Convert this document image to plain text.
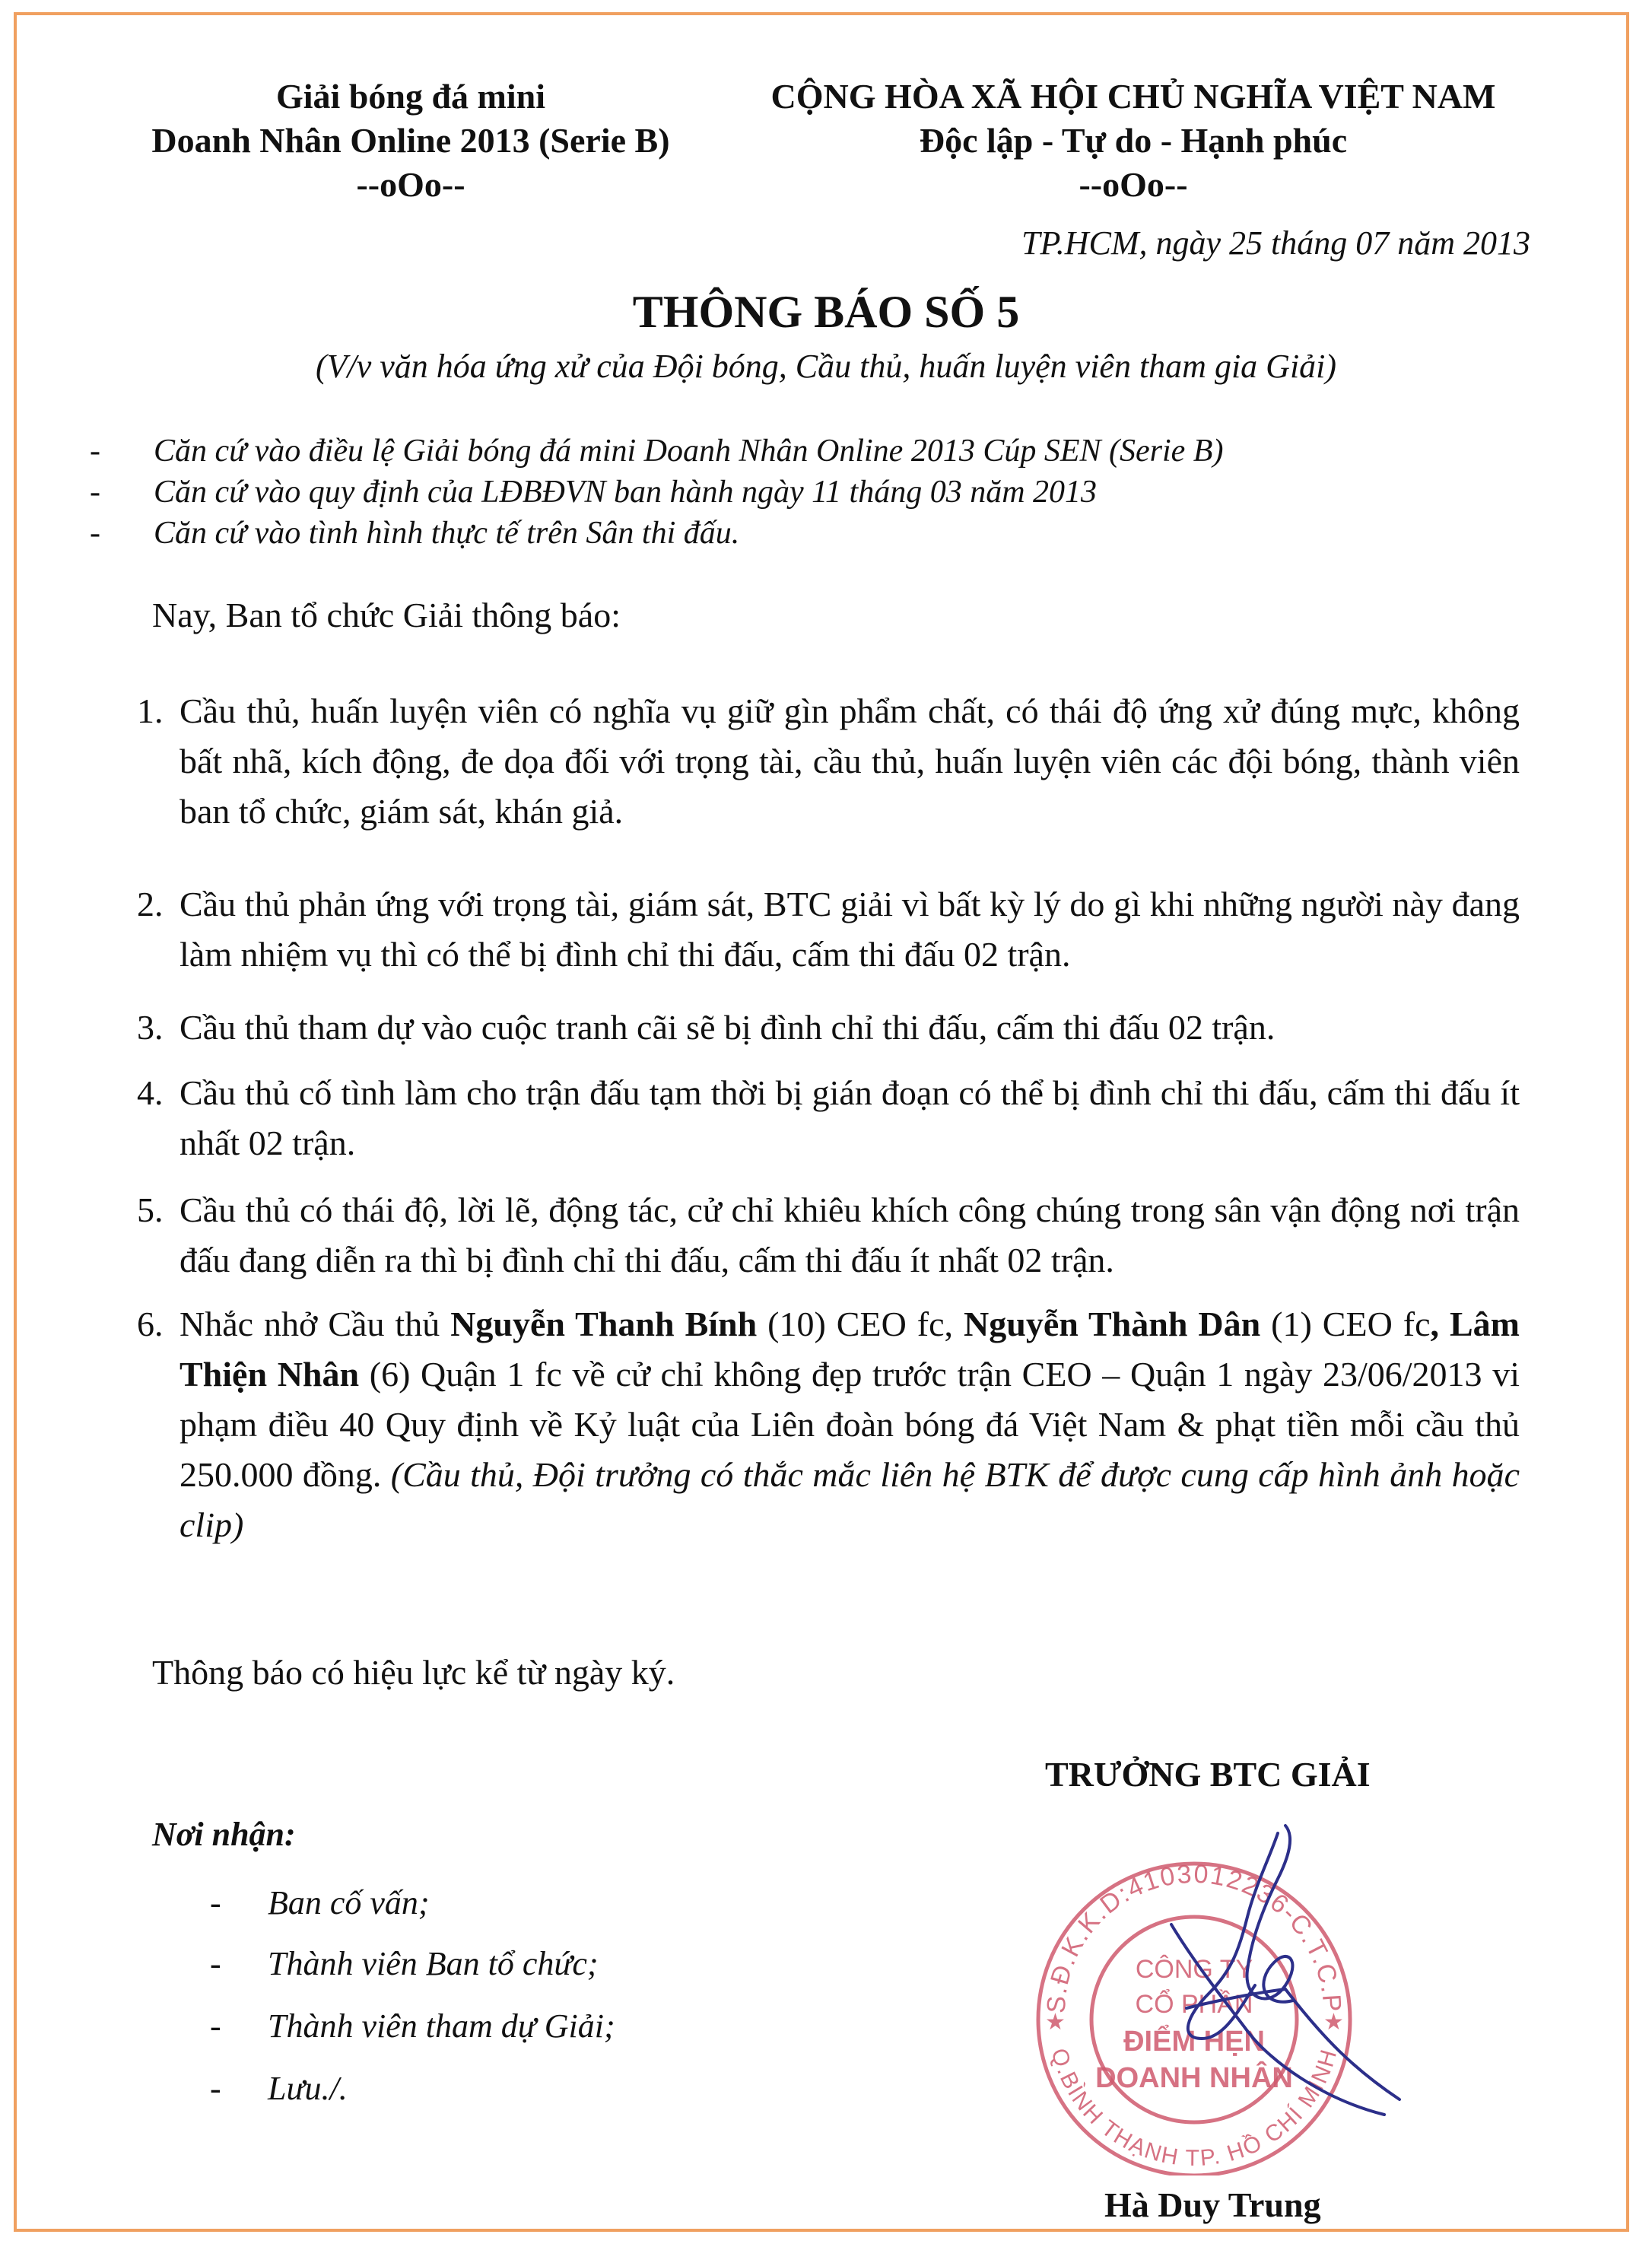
Giải bóng đá mini
Doanh Nhân Online 2013 (Serie B)
--oOo--
CỘNG HÒA XÃ HỘI CHỦ NGHĨA VIỆT NAM
Độc lập - Tự do - Hạnh phúc
--oOo--
TP.HCM, ngày 25 tháng 07 năm 2013
THÔNG BÁO SỐ 5
(V/v văn hóa ứng xử của Đội bóng, Cầu thủ, huấn luyện viên tham gia Giải)
- Căn cứ vào điều lệ Giải bóng đá mini Doanh Nhân Online 2013 Cúp SEN (Serie B)
- Căn cứ vào quy định của LĐBĐVN ban hành ngày 11 tháng 03 năm 2013
- Căn cứ vào tình hình thực tế trên Sân thi đấu.
Nay, Ban tổ chức Giải thông báo:
1. Cầu thủ, huấn luyện viên có nghĩa vụ giữ gìn phẩm chất, có thái độ ứng xử đúng mực, không bất nhã, kích động, đe dọa đối với trọng tài, cầu thủ, huấn luyện viên các đội bóng, thành viên ban tổ chức, giám sát, khán giả.
2. Cầu thủ phản ứng với trọng tài, giám sát, BTC giải vì bất kỳ lý do gì khi những người này đang làm nhiệm vụ thì có thể bị đình chỉ thi đấu, cấm thi đấu 02 trận.
3. Cầu thủ tham dự vào cuộc tranh cãi sẽ bị đình chỉ thi đấu, cấm thi đấu 02 trận.
4. Cầu thủ cố tình làm cho trận đấu tạm thời bị gián đoạn có thể bị đình chỉ thi đấu, cấm thi đấu ít nhất 02 trận.
5. Cầu thủ có thái độ, lời lẽ, động tác, cử chỉ khiêu khích công chúng trong sân vận động nơi trận đấu đang diễn ra thì bị đình chỉ thi đấu, cấm thi đấu ít nhất 02 trận.
6. Nhắc nhở Cầu thủ Nguyễn Thanh Bính (10) CEO fc, Nguyễn Thành Dân (1) CEO fc, Lâm Thiện Nhân (6) Quận 1 fc về cử chỉ không đẹp trước trận CEO – Quận 1 ngày 23/06/2013 vi phạm điều 40 Quy định về Kỷ luật của Liên đoàn bóng đá Việt Nam & phạt tiền mỗi cầu thủ 250.000 đồng. (Cầu thủ, Đội trưởng có thắc mắc liên hệ BTK để được cung cấp hình ảnh hoặc clip)
Thông báo có hiệu lực kể từ ngày ký.
TRƯỞNG BTC GIẢI
S.Đ.K.K.D:4103012236-C.T.C.P
Q.BÌNH THẠNH TP. HỒ CHÍ MINH
CÔNG TY
CỔ PHẦN
ĐIỂM HẸN
DOANH NHÂN
★	★
Hà Duy Trung
Nơi nhận:
- Ban cố vấn;
- Thành viên Ban tổ chức;
- Thành viên tham dự Giải;
- Lưu./.
